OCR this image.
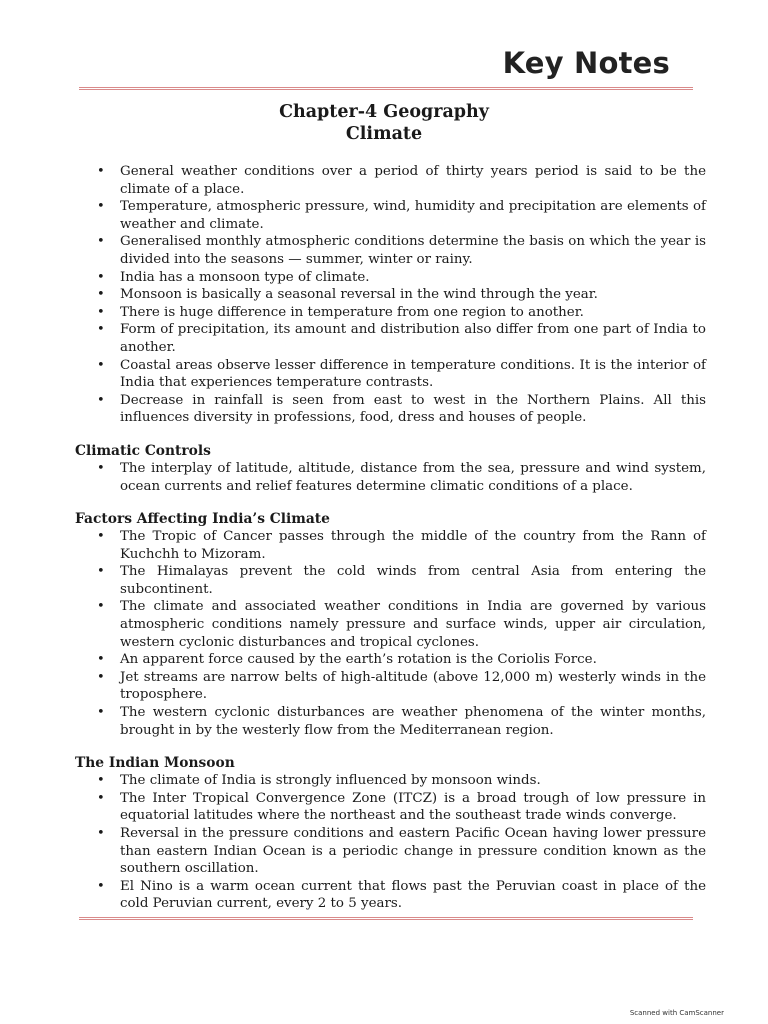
Key Notes
Chapter-4 Geography
Climate
• General weather conditions over a period of thirty years period is said to be the climate of a place.
• Temperature, atmospheric pressure, wind, humidity and precipitation are elements of weather and climate.
• Generalised monthly atmospheric conditions determine the basis on which the year is divided into the seasons — summer, winter or rainy.
• India has a monsoon type of climate.
• Monsoon is basically a seasonal reversal in the wind through the year.
• There is huge difference in temperature from one region to another.
• Form of precipitation, its amount and distribution also differ from one part of India to another.
• Coastal areas observe lesser difference in temperature conditions. It is the interior of India that experiences temperature contrasts.
• Decrease in rainfall is seen from east to west in the Northern Plains. All this influences diversity in professions, food, dress and houses of people.
Climatic Controls
• The interplay of latitude, altitude, distance from the sea, pressure and wind system, ocean currents and relief features determine climatic conditions of a place.
Factors Affecting India’s Climate
• The Tropic of Cancer passes through the middle of the country from the Rann of Kuchchh to Mizoram.
• The Himalayas prevent the cold winds from central Asia from entering the subcontinent.
• The climate and associated weather conditions in India are governed by various atmospheric conditions namely pressure and surface winds, upper air circulation, western cyclonic disturbances and tropical cyclones.
• An apparent force caused by the earth’s rotation is the Coriolis Force.
• Jet streams are narrow belts of high-altitude (above 12,000 m) westerly winds in the troposphere.
• The western cyclonic disturbances are weather phenomena of the winter months, brought in by the westerly flow from the Mediterranean region.
The Indian Monsoon
• The climate of India is strongly influenced by monsoon winds.
• The Inter Tropical Convergence Zone (ITCZ) is a broad trough of low pressure in equatorial latitudes where the northeast and the southeast trade winds converge.
• Reversal in the pressure conditions and eastern Pacific Ocean having lower pressure than eastern Indian Ocean is a periodic change in pressure condition known as the southern oscillation.
• El Nino is a warm ocean current that flows past the Peruvian coast in place of the cold Peruvian current, every 2 to 5 years.
Scanned with CamScanner
